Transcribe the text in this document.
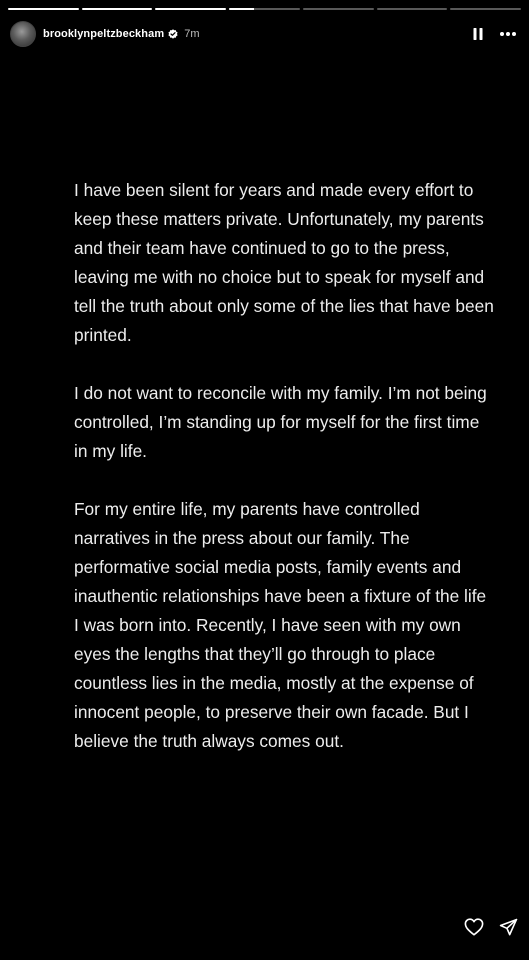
brooklynpeltzbeckham 7m

I have been silent for years and made every effort to keep these matters private. Unfortunately, my parents and their team have continued to go to the press, leaving me with no choice but to speak for myself and tell the truth about only some of the lies that have been printed.

I do not want to reconcile with my family. I’m not being controlled, I’m standing up for myself for the first time in my life.

For my entire life, my parents have controlled narratives in the press about our family. The performative social media posts, family events and inauthentic relationships have been a fixture of the life I was born into. Recently, I have seen with my own eyes the lengths that they’ll go through to place countless lies in the media, mostly at the expense of innocent people, to preserve their own facade. But I believe the truth always comes out.
